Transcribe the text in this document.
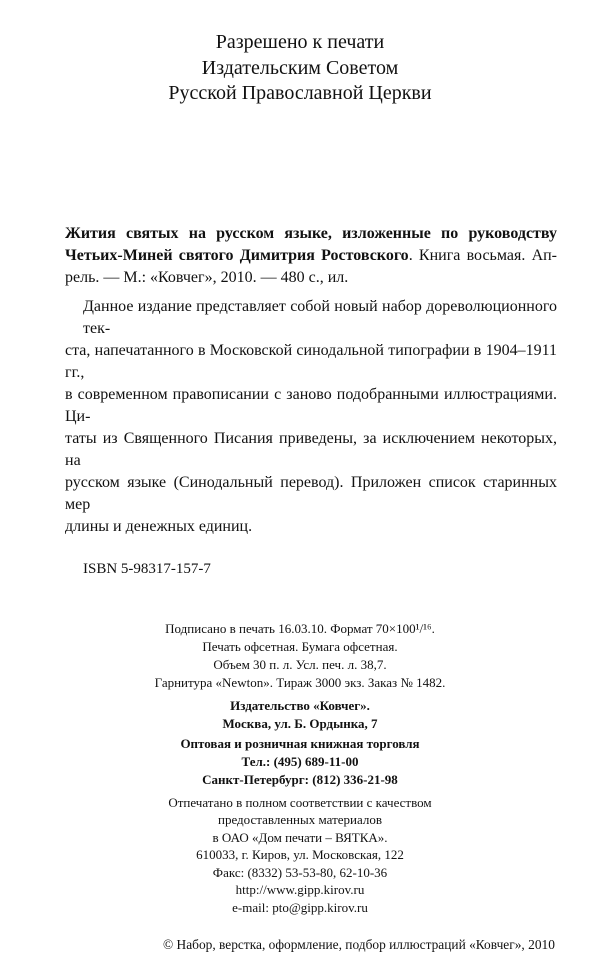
Разрешено к печати
Издательским Советом
Русской Православной Церкви
Жития святых на русском языке, изложенные по руководству
Четьих-Миней святого Димитрия Ростовского. Книга восьмая. Ап-
рель. — М.: «Ковчег», 2010. — 480 с., ил.
Данное издание представляет собой новый набор дореволюционного тек-
ста, напечатанного в Московской синодальной типографии в 1904–1911 гг.,
в современном правописании с заново подобранными иллюстрациями. Ци-
таты из Священного Писания приведены, за исключением некоторых, на
русском языке (Синодальный перевод). Приложен список старинных мер
длины и денежных единиц.
ISBN 5-98317-157-7
Подписано в печать 16.03.10. Формат 70×100¹/¹⁶.
Печать офсетная. Бумага офсетная.
Объем 30 п. л. Усл. печ. л. 38,7.
Гарнитура «Newton». Тираж 3000 экз. Заказ № 1482.
Издательство «Ковчег».
Москва, ул. Б. Ордынка, 7
Оптовая и розничная книжная торговля
Тел.: (495) 689-11-00
Санкт-Петербург: (812) 336-21-98
Отпечатано в полном соответствии с качеством
предоставленных материалов
в ОАО «Дом печати – ВЯТКА».
610033, г. Киров, ул. Московская, 122
Факс: (8332) 53-53-80, 62-10-36
http://www.gipp.kirov.ru
e-mail: pto@gipp.kirov.ru
© Набор, верстка, оформление, подбор иллюстраций «Ковчег», 2010
